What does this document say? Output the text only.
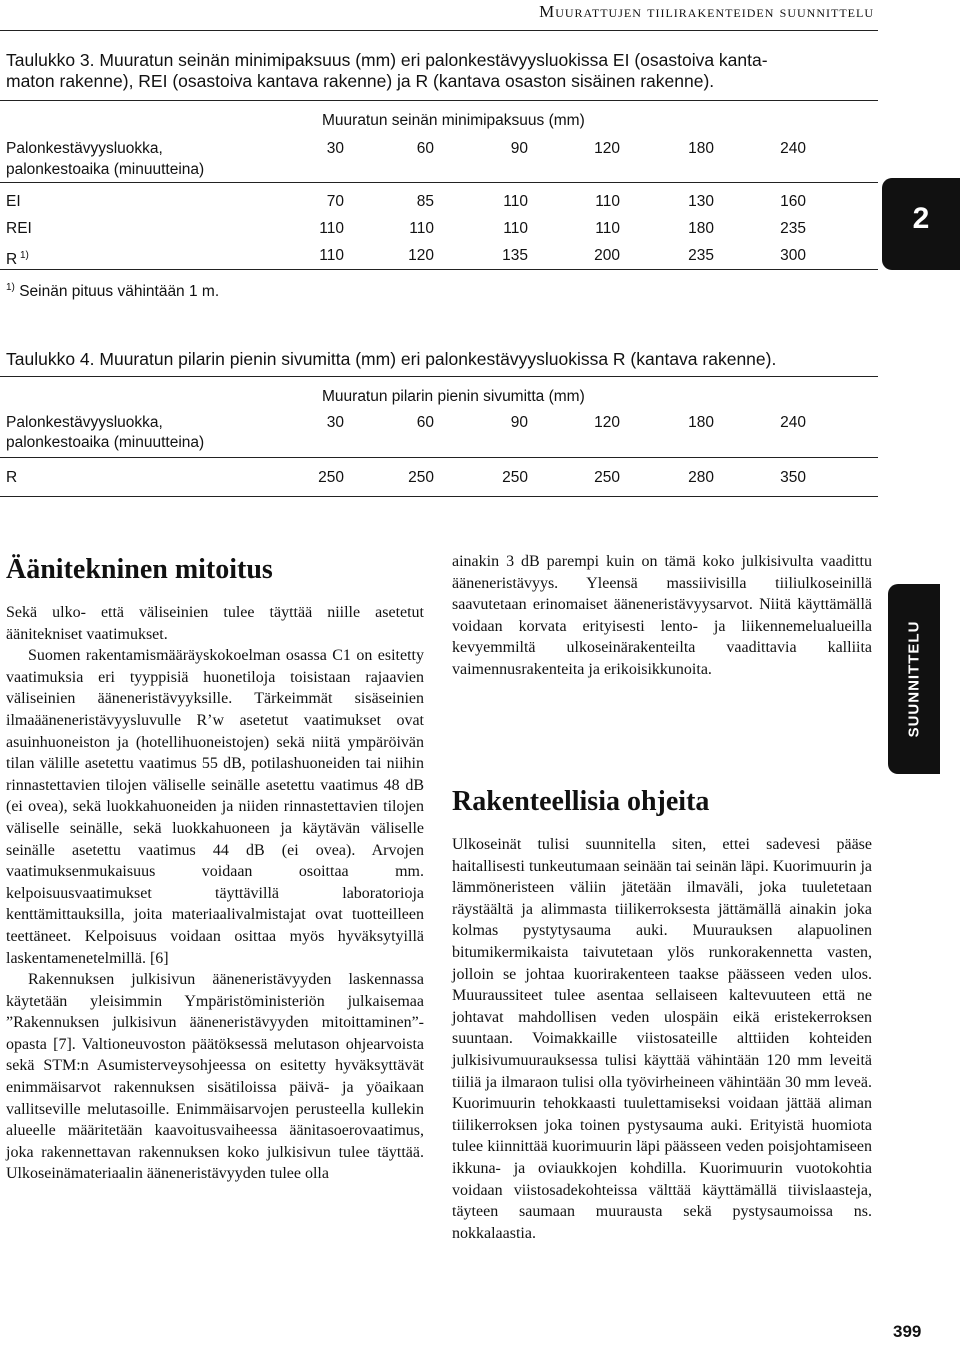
Muurattujen tiilirakenteiden suunnittelu
Taulukko 3. Muuratun seinän minimipaksuus (mm) eri palonkestävyysluokissa EI (osastoiva kanta-
maton rakenne), REI (osastoiva kantava rakenne) ja R (kantava osaston sisäinen rakenne).
Muuratun seinän minimipaksuus (mm)
Palonkestävyysluokka,
palonkestoaika (minuutteina)
30	60	90	120	180	240
EI	70	85	110	110	130	160
REI	110	110	110	110	180	235
R $^{1)}$	110	120	135	200	235	300
$^{1)}$ Seinän pituus vähintään 1 m.
Taulukko 4. Muuratun pilarin pienin sivumitta (mm) eri palonkestävyysluokissa R (kantava rakenne).
Muuratun pilarin pienin sivumitta (mm)
Palonkestävyysluokka,
palonkestoaika (minuutteina)
30	60	90	120	180	240
R	250	250	250	250	280	350
2
SUUNNITTELU
Äänitekninen mitoitus

Sekä ulko- että väliseinien tulee täyttää niille asetetut äänitekniset vaatimukset.

Suomen rakentamismääräyskokoelman osassa C1 on esitetty vaatimuksia eri tyyppisiä huonetiloja toisistaan rajaavien väliseinien ääneneristävyyksille. Tärkeimmät sisäseinien ilmaääneneristävyysluvulle R’w asetetut vaatimukset ovat asuinhuoneiston ja (hotellihuoneistojen) sekä niitä ympäröivän tilan välille asetettu vaatimus 55 dB, potilashuoneiden tai niihin rinnastettavien tilojen väliselle seinälle asetettu vaatimus 48 dB (ei ovea), sekä luokkahuoneiden ja niiden rinnastettavien tilojen väliselle seinälle, sekä luokkahuoneen ja käytävän väliselle seinälle asetettu vaatimus 44 dB (ei ovea). Arvojen vaatimuksenmukaisuus voidaan osoittaa mm. kelpoisuusvaatimukset täyttävillä laboratorioja kenttämittauksilla, joita materiaalivalmistajat ovat tuotteilleen teettäneet. Kelpoisuus voidaan osittaa myös hyväksytyillä laskentamenetelmillä. [6]

Rakennuksen julkisivun ääneneristävyyden laskennassa käytetään yleisimmin Ympäristöministeriön julkaisemaa ”Rakennuksen julkisivun ääneneristävyyden mitoittaminen”-opasta [7]. Valtioneuvoston päätöksessä melutason ohjearvoista sekä STM:n Asumisterveysohjeessa on esitetty hyväksyttävät enimmäisarvot rakennuksen sisätiloissa päivä- ja yöaikaan vallitseville melutasoille. Enimmäisarvojen perusteella kullekin alueelle määritetään kaavoitusvaiheessa äänitasoerovaatimus, joka rakennettavan rakennuksen koko julkisivun tulee täyttää. Ulkoseinämateriaalin ääneneristävyyden tulee olla

ainakin 3 dB parempi kuin on tämä koko julkisivulta vaadittu ääneneristävyys. Yleensä massiivisilla tiiliulkoseinillä saavutetaan erinomaiset ääneneristävyysarvot. Niitä käyttämällä voidaan korvata erityisesti lento- ja liikennemelualueilla kevyemmiltä ulkoseinärakenteilta vaadittavia kalliita vaimennusrakenteita ja erikoisikkunoita.

Rakenteellisia ohjeita

Ulkoseinät tulisi suunnitella siten, ettei sadevesi pääse haitallisesti tunkeutumaan seinään tai seinän läpi. Kuorimuurin ja lämmöneristeen väliin jätetään ilmaväli, joka tuuletetaan räystäältä ja alimmasta tiilikerroksesta jättämällä ainakin joka kolmas pystytysauma auki. Muurauksen alapuolinen bitumikermikaista taivutetaan ylös runkorakennetta vasten, jolloin se johtaa kuorirakenteen taakse päässeen veden ulos. Muuraussiteet tulee asentaa sellaiseen kaltevuuteen että ne johtavat mahdollisen veden ulospäin eikä eristekerroksen suuntaan. Voimakkaille viistosateille alttiiden kohteiden julkisivumuurauksessa tulisi käyttää vähintään 120 mm leveitä tiiliä ja ilmaraon tulisi olla työvirheineen vähintään 30 mm leveä. Kuorimuurin tehokkaasti tuulettamiseksi voidaan jättää aliman tiilikerroksen joka toinen pystysauma auki. Erityistä huomiota tulee kiinnittää kuorimuurin läpi päässeen veden poisjohtamiseen ikkuna- ja oviaukkojen kohdilla. Kuorimuurin vuotokohtia voidaan viistosadekohteissa välttää käyttämällä tiivislaasteja, täyteen saumaan muurausta sekä pystysaumoissa ns. nokkalaastia.

399
